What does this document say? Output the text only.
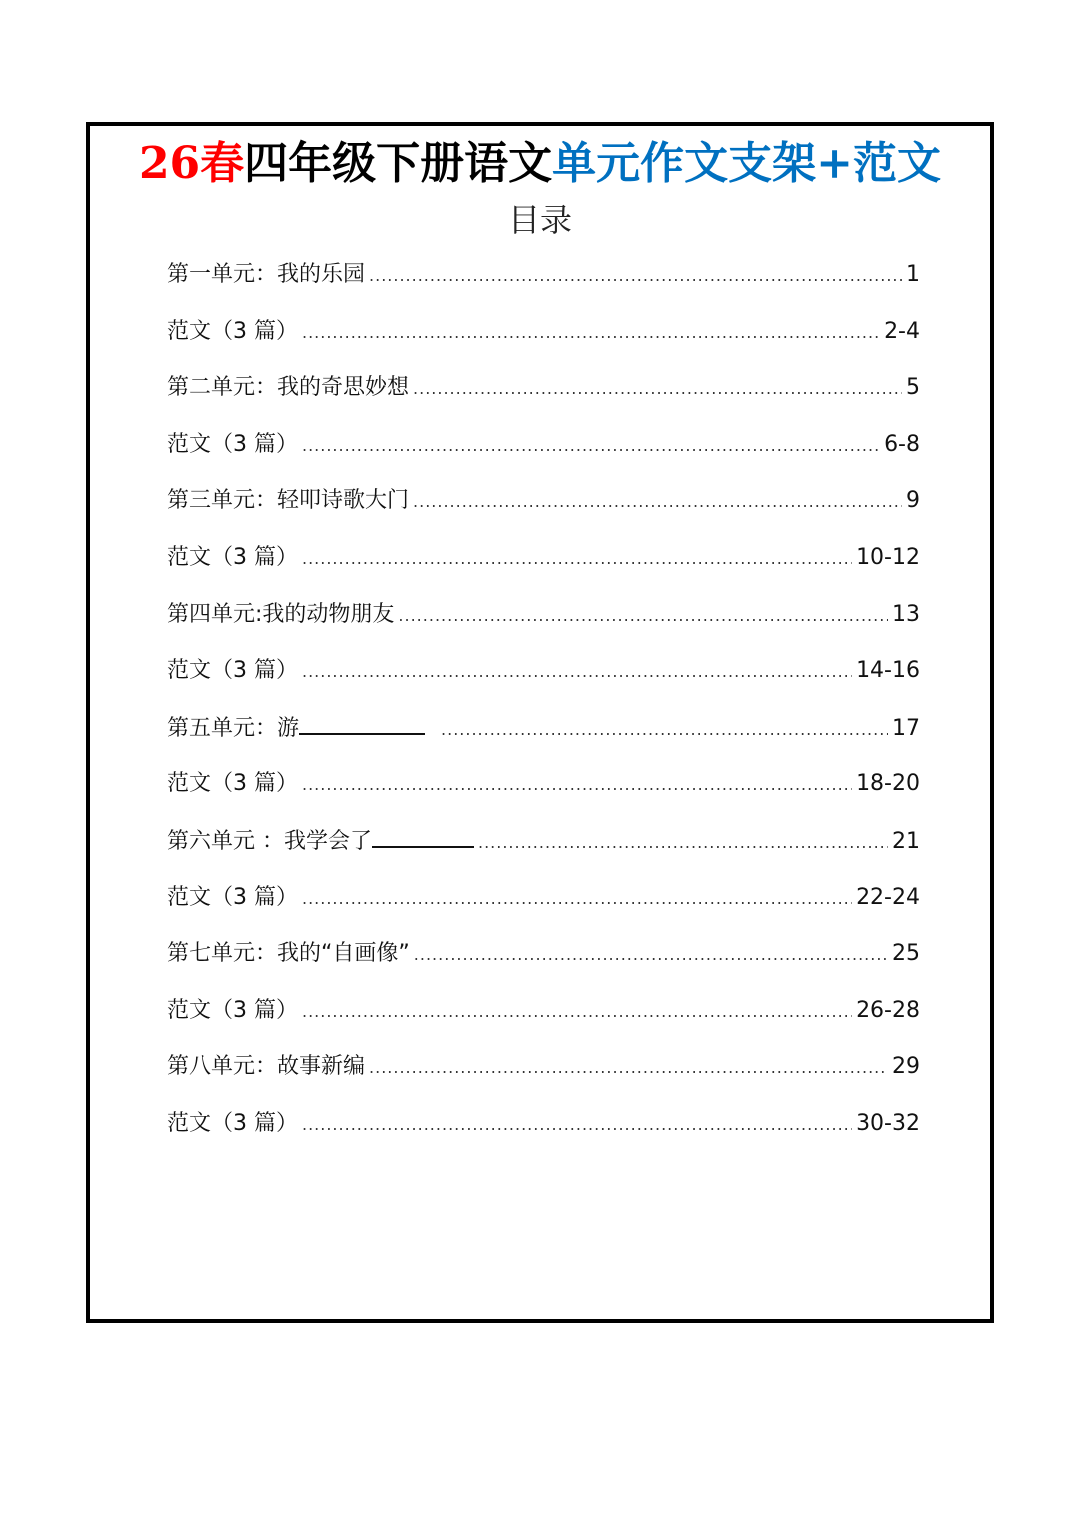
26春四年级下册语文单元作文支架+范文
目录
第一单元：我的乐园 .....	1
范文（3 篇） .....	2-4
第二单元：我的奇思妙想 .....	5
范文（3 篇） .....	6-8
第三单元：轻叩诗歌大门 .....	9
范文（3 篇） .....	10-12
第四单元:我的动物朋友 .....	13
范文（3 篇） .....	14-16
第五单元：游 .....	17
范文（3 篇） .....	18-20
第六单元 ：我学会了 .....	21
范文（3 篇） .....	22-24
第七单元：我的“自画像” .....	25
范文（3 篇） .....	26-28
第八单元：故事新编 .....	29
范文（3 篇） .....	30-32
